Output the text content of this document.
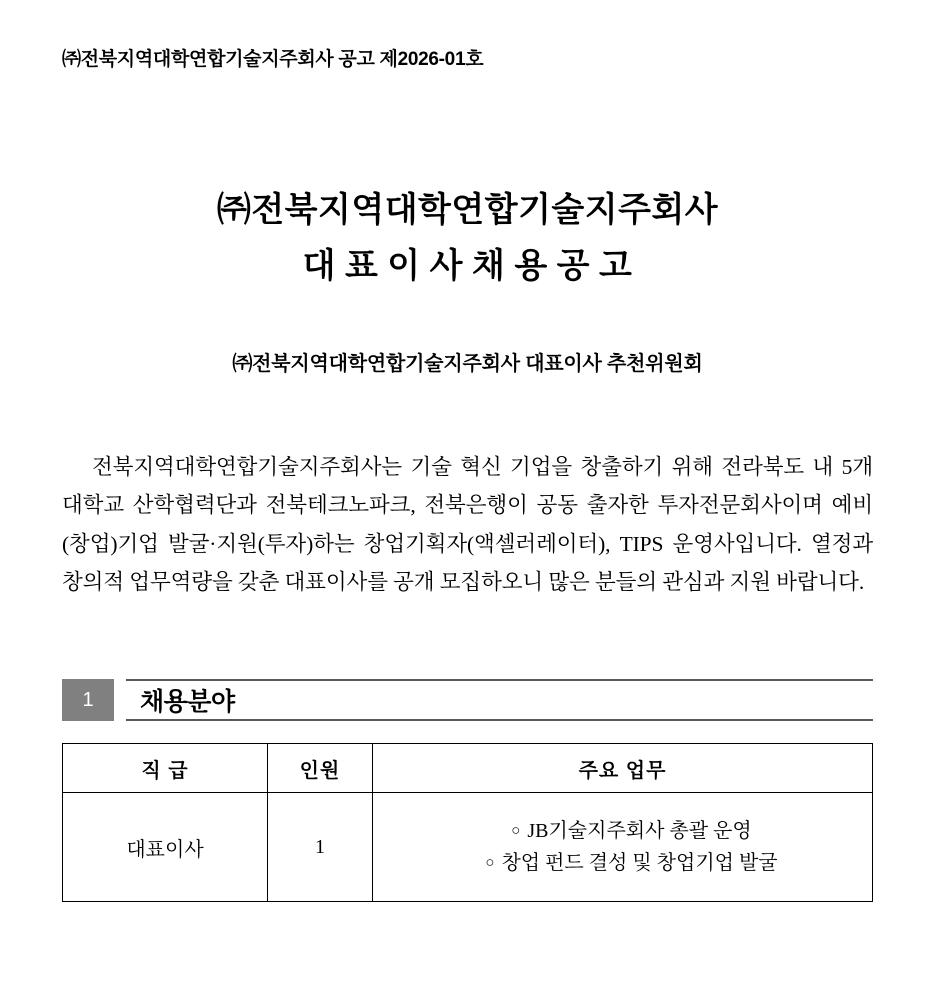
㈜전북지역대학연합기술지주회사 공고 제2026-01호
㈜전북지역대학연합기술지주회사
대 표 이 사 채 용 공 고
㈜전북지역대학연합기술지주회사 대표이사 추천위원회
전북지역대학연합기술지주회사는 기술 혁신 기업을 창출하기 위해 전라북도 내 5개 대학교 산학협력단과 전북테크노파크, 전북은행이 공동 출자한 투자전문회사이며 예비(창업)기업 발굴·지원(투자)하는 창업기획자(액셀러레이터), TIPS 운영사입니다. 열정과 창의적 업무역량을 갖춘 대표이사를 공개 모집하오니 많은 분들의 관심과 지원 바랍니다.
1	채용분야
직 급	인원	주요 업무
대표이사	1	○ JB기술지주회사 총괄 운영
○ 창업 펀드 결성 및 창업기업 발굴
